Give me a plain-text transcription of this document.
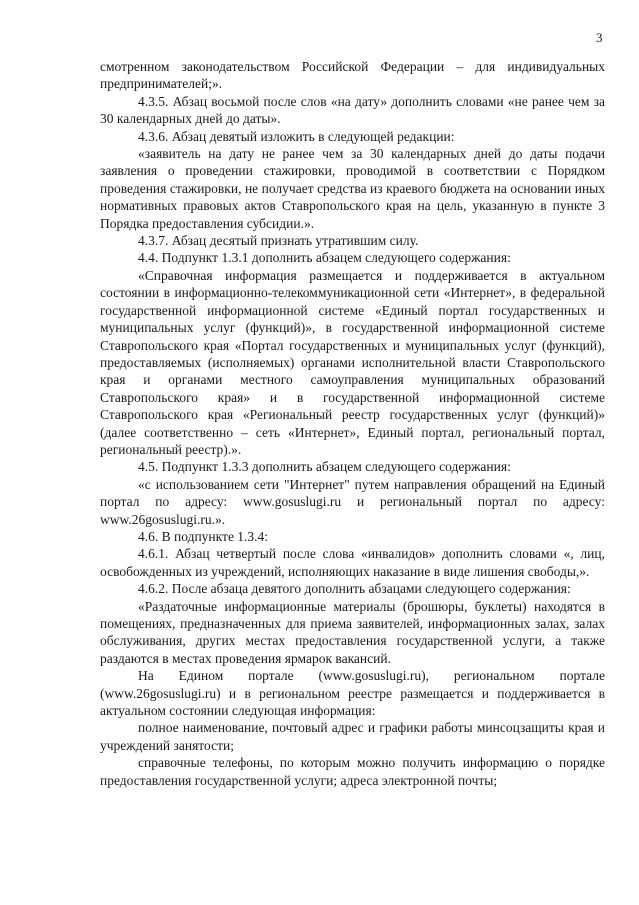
3

смотренном законодательством Российской Федерации – для индивидуальных предпринимателей;».

4.3.5. Абзац восьмой после слов «на дату» дополнить словами «не ранее чем за 30 календарных дней до даты».

4.3.6. Абзац девятый изложить в следующей редакции:

«заявитель на дату не ранее чем за 30 календарных дней до даты подачи заявления о проведении стажировки, проводимой в соответствии с Порядком проведения стажировки, не получает средства из краевого бюджета на основании иных нормативных правовых актов Ставропольского края на цель, указанную в пункте 3 Порядка предоставления субсидии.».

4.3.7. Абзац десятый признать утратившим силу.

4.4. Подпункт 1.3.1 дополнить абзацем следующего содержания:

«Справочная информация размещается и поддерживается в актуальном состоянии в информационно-телекоммуникационной сети «Интернет», в федеральной государственной информационной системе «Единый портал государственных и муниципальных услуг (функций)», в государственной информационной системе Ставропольского края «Портал государственных и муниципальных услуг (функций), предоставляемых (исполняемых) органами исполнительной власти Ставропольского края и органами местного самоуправления муниципальных образований Ставропольского края» и в государственной информационной системе Ставропольского края «Региональный реестр государственных услуг (функций)» (далее соответственно – сеть «Интернет», Единый портал, региональный портал, региональный реестр).».

4.5. Подпункт 1.3.3 дополнить абзацем следующего содержания:

«с использованием сети "Интернет" путем направления обращений на Единый портал по адресу: www.gosuslugi.ru и региональный портал по адресу: www.26gosuslugi.ru.».

4.6. В подпункте 1.3.4:

4.6.1. Абзац четвертый после слова «инвалидов» дополнить словами «, лиц, освобожденных из учреждений, исполняющих наказание в виде лишения свободы,».

4.6.2. После абзаца девятого дополнить абзацами следующего содержания:

«Раздаточные информационные материалы (брошюры, буклеты) находятся в помещениях, предназначенных для приема заявителей, информационных залах, залах обслуживания, других местах предоставления государственной услуги, а также раздаются в местах проведения ярмарок вакансий.

На Едином портале (www.gosuslugi.ru), региональном портале (www.26gosuslugi.ru) и в региональном реестре размещается и поддерживается в актуальном состоянии следующая информация:

полное наименование, почтовый адрес и графики работы минсоцзащиты края и учреждений занятости;

справочные телефоны, по которым можно получить информацию о порядке предоставления государственной услуги; адреса электронной почты;
